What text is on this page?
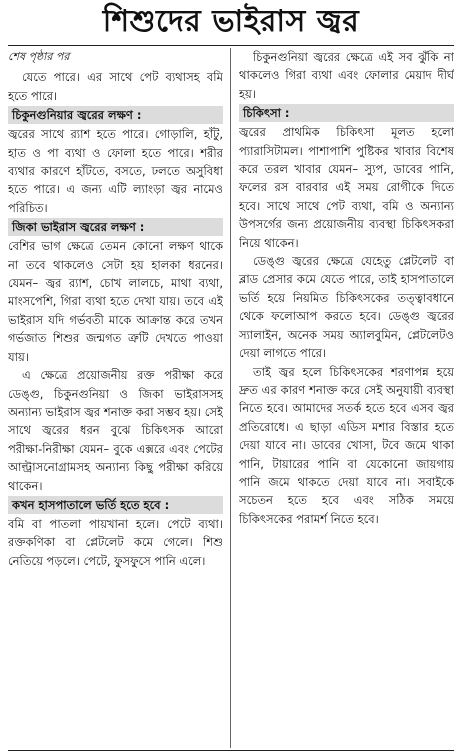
শিশুদের ভাইরাস জ্বর

শেষ পৃষ্ঠার পর

যেতে পারে। এর সাথে পেট ব্যথাসহ বমি হতে পারে।

চিকুনগুনিয়ার জ্বরের লক্ষণ :

জ্বরের সাথে র‍্যাশ হতে পারে। গোড়ালি, হাঁটু, হাত ও পা ব্যথা ও ফোলা হতে পারে। শরীর ব্যথার কারণে হাঁটতে, বসতে, ঢলতে অসুবিধা হতে পারে। এ জন্য এটি ল্যাংড়া জ্বর নামেও পরিচিত।

জিকা ভাইরাস জ্বরের লক্ষণ :

বেশির ভাগ ক্ষেত্রে তেমন কোনো লক্ষণ থাকে না তবে থাকলেও সেটা হয় হালকা ধরনের। যেমন– জ্বর র‍্যাশ, চোখ লালচে, মাথা ব্যথা, মাংসপেশি, গিরা ব্যথা হতে দেখা যায়। তবে এই ভাইরাস যদি গর্ভবতী মাকে আক্রান্ত করে তখন গর্ভজাত শিশুর জন্মগত ত্রুটি দেখতে পাওয়া যায়।

এ ক্ষেত্রে প্রয়োজনীয় রক্ত পরীক্ষা করে ডেঙ্গু, চিকুনগুনিয়া ও জিকা ভাইরাসসহ অন্যান্য ভাইরাস জ্বর শনাক্ত করা সম্ভব হয়। সেই সাথে জ্বরের ধরন বুঝে চিকিৎসক আরো পরীক্ষা-নিরীক্ষা যেমন– বুকে এক্সরে এবং পেটের আল্ট্রাসনোগ্রামসহ অন্যান্য কিছু পরীক্ষা করিয়ে থাকেন।

কখন হাসপাতালে ভর্তি হতে হবে :

বমি বা পাতলা পায়খানা হলে। পেটে ব্যথা। রক্তকণিকা বা প্লেটলেট কমে গেলে। শিশু নেতিয়ে পড়লে। পেটে, ফুসফুসে পানি এলে।

চিকুনগুনিয়া জ্বরের ক্ষেত্রে এই সব ঝুঁকি না থাকলেও গিরা ব্যথা এবং ফোলার মেয়াদ দীর্ঘ হয়।

চিকিৎসা :

জ্বরের প্রাথমিক চিকিৎসা মূলত হলো প্যারাসিটামল। পাশাপাশি পুষ্টিকর খাবার বিশেষ করে তরল খাবার যেমন– স্যুপ, ডাবের পানি, ফলের রস বারবার এই সময় রোগীকে দিতে হবে। সাথে সাথে পেট ব্যথা, বমি ও অন্যান্য উপসর্গের জন্য প্রয়োজনীয় ব্যবস্থা চিকিৎসকরা নিয়ে থাকেন।

ডেঙ্গু জ্বরের ক্ষেত্রে যেহেতু প্লেটলেট বা ব্লাড প্রেসার কমে যেতে পারে, তাই হাসপাতালে ভর্তি হয়ে নিয়মিত চিকিৎসকের তত্ত্বাবধানে থেকে ফলোআপ করতে হবে। ডেঙ্গু জ্বরের স্যালাইন, অনেক সময় অ্যালবুমিন, প্লেটলেটও দেয়া লাগতে পারে।

তাই জ্বর হলে চিকিৎসকের শরণাপন্ন হয়ে দ্রুত এর কারণ শনাক্ত করে সেই অনুযায়ী ব্যবস্থা নিতে হবে। আমাদের সতর্ক হতে হবে এসব জ্বর প্রতিরোধে। এ ছাড়া এডিস মশার বিস্তার হতে দেয়া যাবে না। ডাবের খোসা, টবে জমে থাকা পানি, টায়ারের পানি বা যেকোনো জায়গায় পানি জমে থাকতে দেয়া যাবে না। সবাইকে সচেতন হতে হবে এবং সঠিক সময়ে চিকিৎসকের পরামর্শ নিতে হবে।
